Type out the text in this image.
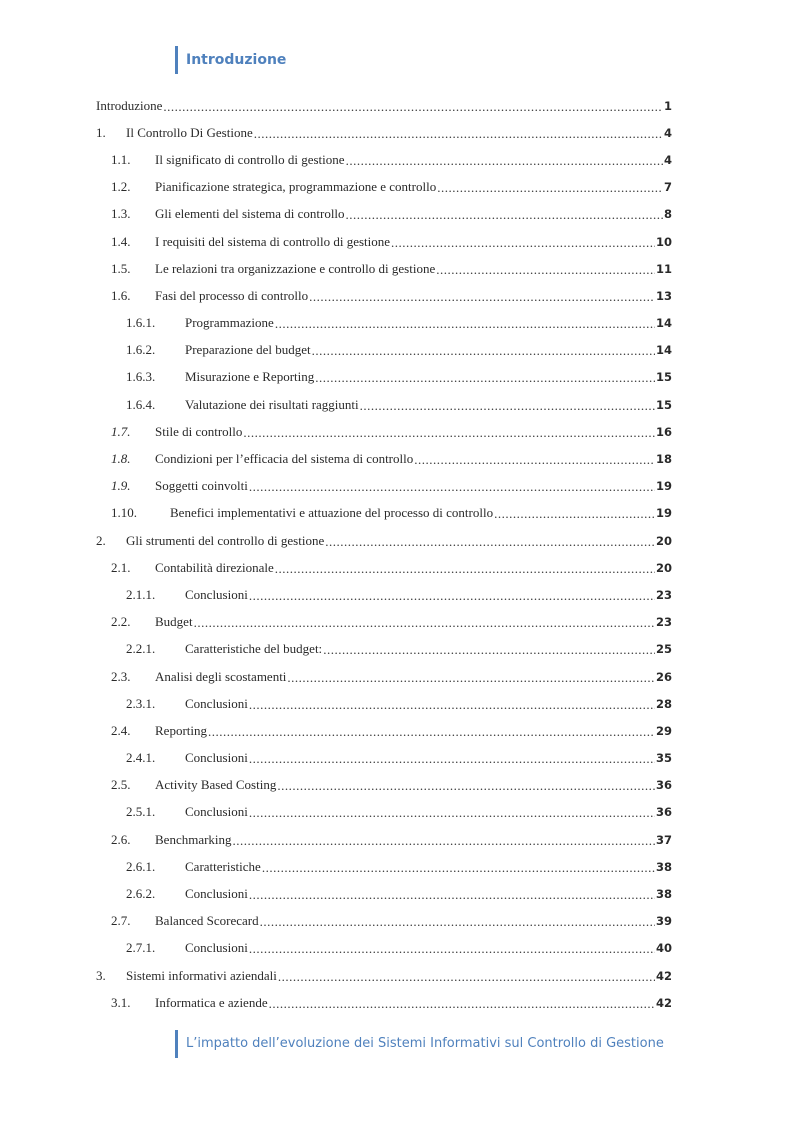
Introduzione
Introduzione .....	1
1.	Il Controllo Di Gestione .....	4
1.1.	Il significato di controllo di gestione .....	4
1.2.	Pianificazione strategica, programmazione e controllo .....	7
1.3.	Gli elementi del sistema di controllo .....	8
1.4.	I requisiti del sistema di controllo di gestione .....	10
1.5.	Le relazioni tra organizzazione e controllo di gestione .....	11
1.6.	Fasi del processo di controllo .....	13
1.6.1.	Programmazione .....	14
1.6.2.	Preparazione del budget .....	14
1.6.3.	Misurazione e Reporting .....	15
1.6.4.	Valutazione dei risultati raggiunti .....	15
1.7.	Stile di controllo .....	16
1.8.	Condizioni per l’efficacia del sistema di controllo .....	18
1.9.	Soggetti coinvolti .....	19
1.10.	Benefici implementativi e attuazione del processo di controllo .....	19
2.	Gli strumenti del controllo di gestione .....	20
2.1.	Contabilità direzionale .....	20
2.1.1.	Conclusioni .....	23
2.2.	Budget .....	23
2.2.1.	Caratteristiche del budget: .....	25
2.3.	Analisi degli scostamenti .....	26
2.3.1.	Conclusioni .....	28
2.4.	Reporting .....	29
2.4.1.	Conclusioni .....	35
2.5.	Activity Based Costing .....	36
2.5.1.	Conclusioni .....	36
2.6.	Benchmarking .....	37
2.6.1.	Caratteristiche .....	38
2.6.2.	Conclusioni .....	38
2.7.	Balanced Scorecard .....	39
2.7.1.	Conclusioni .....	40
3.	Sistemi informativi aziendali .....	42
3.1.	Informatica e aziende .....	42
L’impatto dell’evoluzione dei Sistemi Informativi sul Controllo di Gestione
